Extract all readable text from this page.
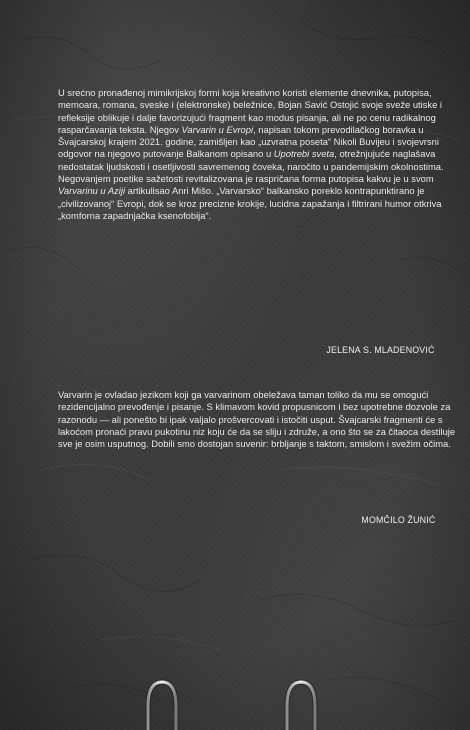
U srećno pronađenoj mimikrijskoj formi koja kreativno koristi elemente dnevnika, putopisa, memoara, romana, sveske i (elektronske) beležnice, Bojan Savić Ostojić svoje sveže utiske i refleksije oblikuje i dalje favorizujući fragment kao modus pisanja, ali ne po cenu radikalnog rasparčavanja teksta. Njegov Varvarin u Evropi, napisan tokom prevodilačkog boravka u Švajcarskoj krajem 2021. godine, zamišljen kao „uzvratna poseta“ Nikoli Buvijeu i svojevrsni odgovor na njegovo putovanje Balkanom opisano u Upotrebi sveta, otrežnjujuće naglašava nedostatak ljudskosti i osetljivosti savremenog čoveka, naročito u pandemijskim okolnostima. Negovanjem poetike sažetosti revitalizovana je raspričana forma putopisa kakvu je u svom Varvarinu u Aziji artikulisao Anri Mišo. „Varvarsko“ balkansko poreklo kontrapunktirano je „civilizovanoj“ Evropi, dok se kroz precizne krokije, lucidna zapažanja i filtrirani humor otkriva „komforna zapadnjačka ksenofobija“.

JELENA S. MLADENOVIĆ

Varvarin je ovladao jezikom koji ga varvarinom obeležava taman toliko da mu se omogući rezidencijalno prevođenje i pisanje. S klimavom kovid propusnicom i bez upotrebne dozvole za razonodu — ali ponešto bi ipak valjalo prošvercovati i istočiti usput. Švajcarski fragmenti će s lakoćom pronaći pravu pukotinu niz koju će da se sliju i združe, a ono što se za čitaoca destiluje sve je osim usputnog. Dobili smo dostojan suvenir: brbljanje s taktom, smislom i svežim očima.

MOMČILO ŽUNIĆ
